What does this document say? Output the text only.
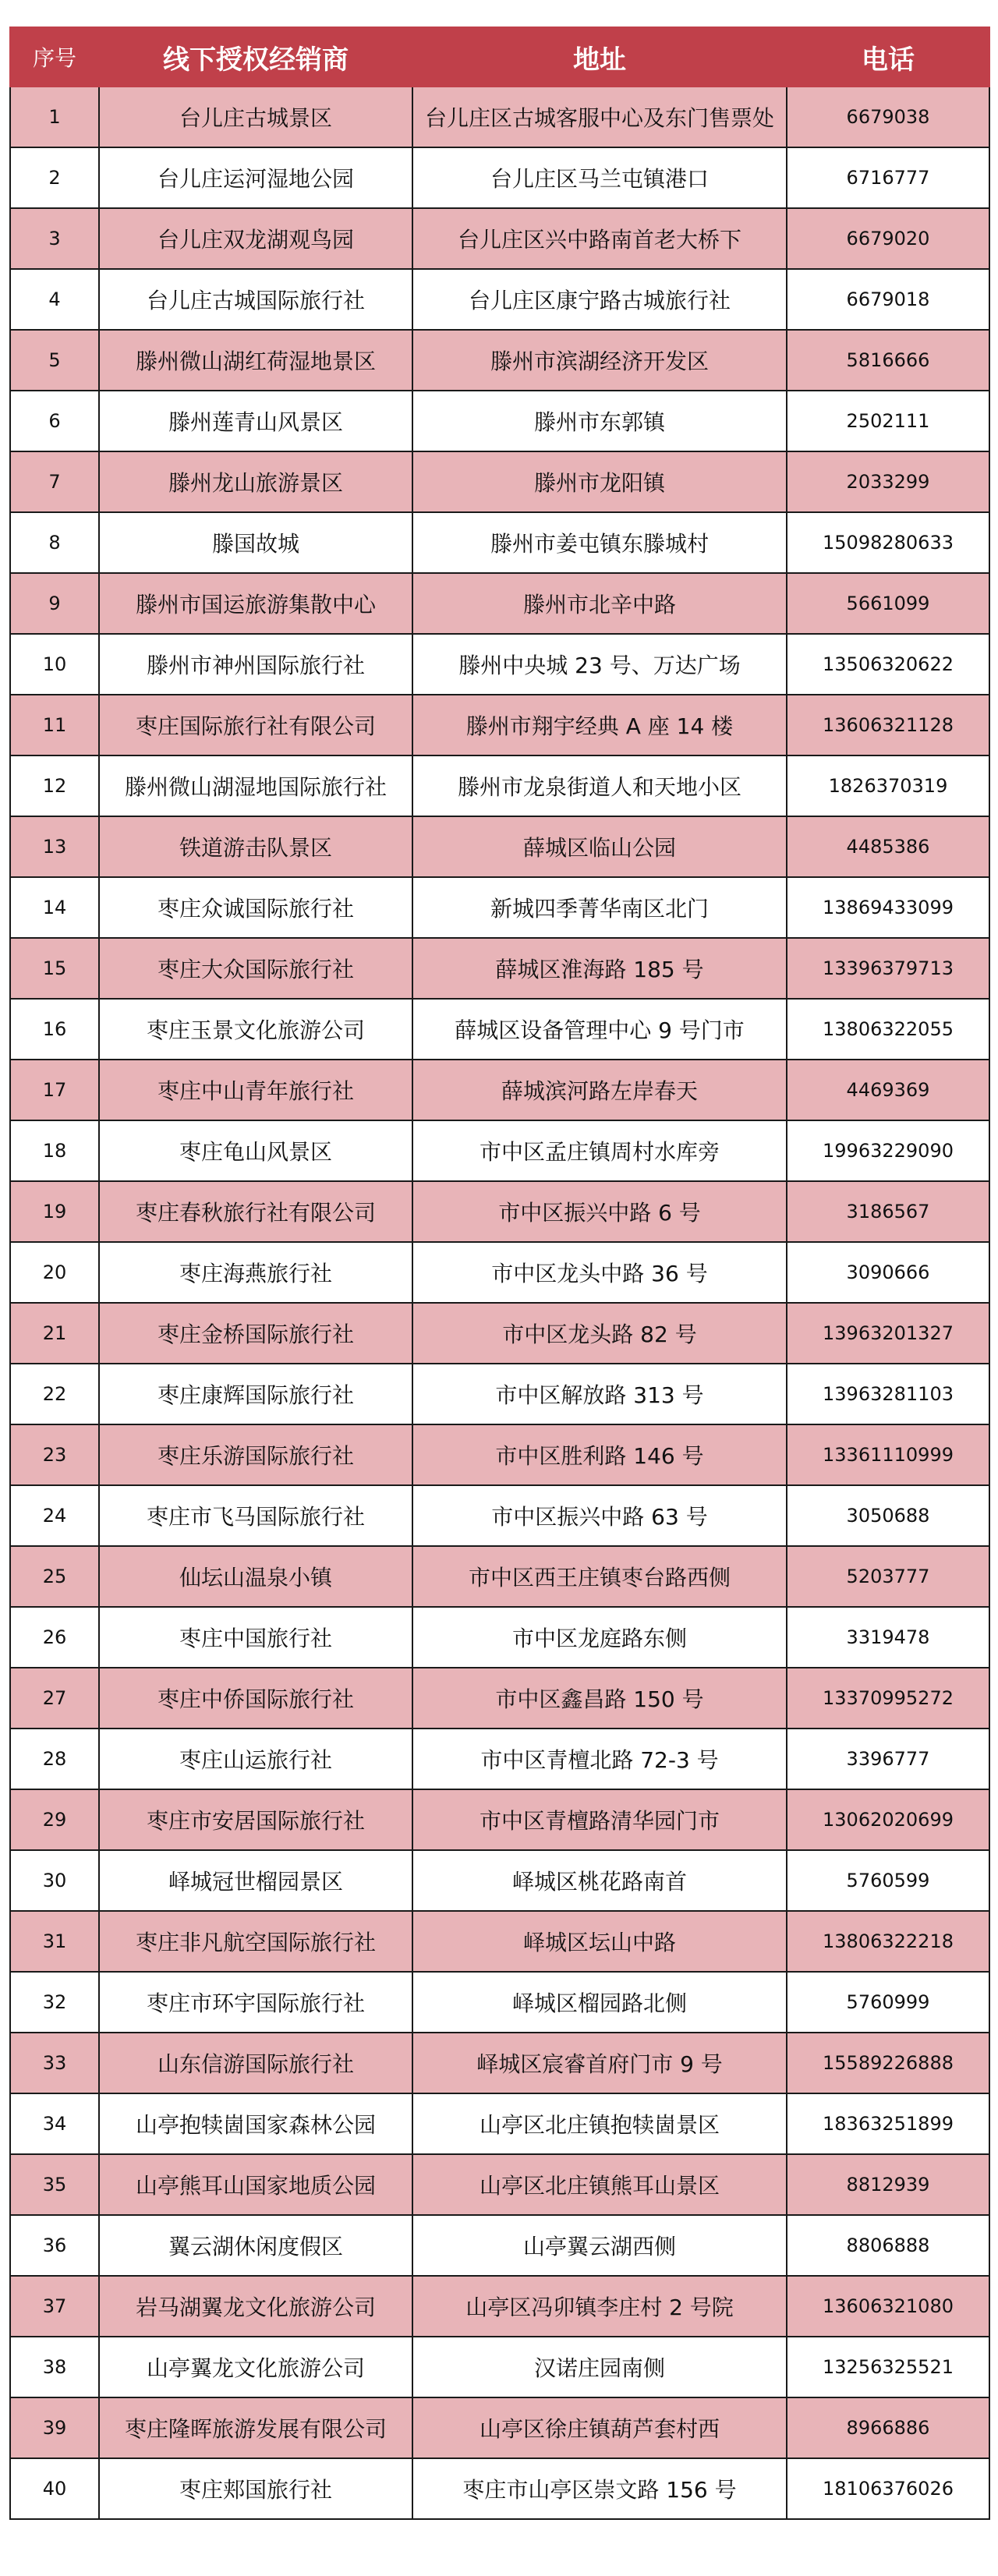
序号	线下授权经销商	地址	电话
1	台儿庄古城景区	台儿庄区古城客服中心及东门售票处	6679038
2	台儿庄运河湿地公园	台儿庄区马兰屯镇港口	6716777
3	台儿庄双龙湖观鸟园	台儿庄区兴中路南首老大桥下	6679020
4	台儿庄古城国际旅行社	台儿庄区康宁路古城旅行社	6679018
5	滕州微山湖红荷湿地景区	滕州市滨湖经济开发区	5816666
6	滕州莲青山风景区	滕州市东郭镇	2502111
7	滕州龙山旅游景区	滕州市龙阳镇	2033299
8	滕国故城	滕州市姜屯镇东滕城村	15098280633
9	滕州市国运旅游集散中心	滕州市北辛中路	5661099
10	滕州市神州国际旅行社	滕州中央城 23 号、万达广场	13506320622
11	枣庄国际旅行社有限公司	滕州市翔宇经典 A 座 14 楼	13606321128
12	滕州微山湖湿地国际旅行社	滕州市龙泉街道人和天地小区	1826370319
13	铁道游击队景区	薛城区临山公园	4485386
14	枣庄众诚国际旅行社	新城四季菁华南区北门	13869433099
15	枣庄大众国际旅行社	薛城区淮海路 185 号	13396379713
16	枣庄玉景文化旅游公司	薛城区设备管理中心 9 号门市	13806322055
17	枣庄中山青年旅行社	薛城滨河路左岸春天	4469369
18	枣庄龟山风景区	市中区孟庄镇周村水库旁	19963229090
19	枣庄春秋旅行社有限公司	市中区振兴中路 6 号	3186567
20	枣庄海燕旅行社	市中区龙头中路 36 号	3090666
21	枣庄金桥国际旅行社	市中区龙头路 82 号	13963201327
22	枣庄康辉国际旅行社	市中区解放路 313 号	13963281103
23	枣庄乐游国际旅行社	市中区胜利路 146 号	13361110999
24	枣庄市飞马国际旅行社	市中区振兴中路 63 号	3050688
25	仙坛山温泉小镇	市中区西王庄镇枣台路西侧	5203777
26	枣庄中国旅行社	市中区龙庭路东侧	3319478
27	枣庄中侨国际旅行社	市中区鑫昌路 150 号	13370995272
28	枣庄山运旅行社	市中区青檀北路 72-3 号	3396777
29	枣庄市安居国际旅行社	市中区青檀路清华园门市	13062020699
30	峄城冠世榴园景区	峄城区桃花路南首	5760599
31	枣庄非凡航空国际旅行社	峄城区坛山中路	13806322218
32	枣庄市环宇国际旅行社	峄城区榴园路北侧	5760999
33	山东信游国际旅行社	峄城区宸睿首府门市 9 号	15589226888
34	山亭抱犊崮国家森林公园	山亭区北庄镇抱犊崮景区	18363251899
35	山亭熊耳山国家地质公园	山亭区北庄镇熊耳山景区	8812939
36	翼云湖休闲度假区	山亭翼云湖西侧	8806888
37	岩马湖翼龙文化旅游公司	山亭区冯卯镇李庄村 2 号院	13606321080
38	山亭翼龙文化旅游公司	汉诺庄园南侧	13256325521
39	枣庄隆晖旅游发展有限公司	山亭区徐庄镇葫芦套村西	8966886
40	枣庄郏国旅行社	枣庄市山亭区崇文路 156 号	18106376026
